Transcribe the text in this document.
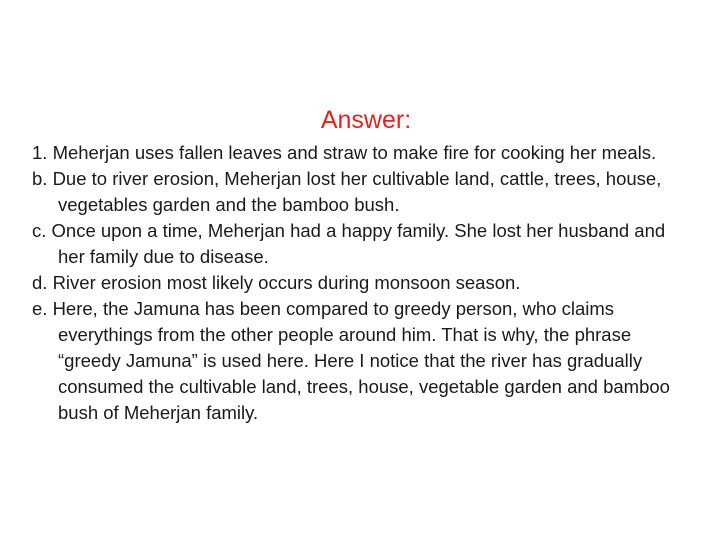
Answer:
1. Meherjan uses fallen leaves and straw to make fire for cooking her meals.
b. Due to river erosion, Meherjan lost her cultivable land, cattle, trees, house, vegetables garden and the bamboo bush.
c. Once upon a time, Meherjan had a happy family. She lost her husband and her family due to disease.
d. River erosion most likely occurs during monsoon season.
e. Here, the Jamuna has been compared to greedy person, who claims everythings from the other people around him. That is why, the phrase “greedy Jamuna” is used here. Here I notice that the river has gradually consumed the cultivable land, trees, house, vegetable garden and bamboo bush of Meherjan family.
